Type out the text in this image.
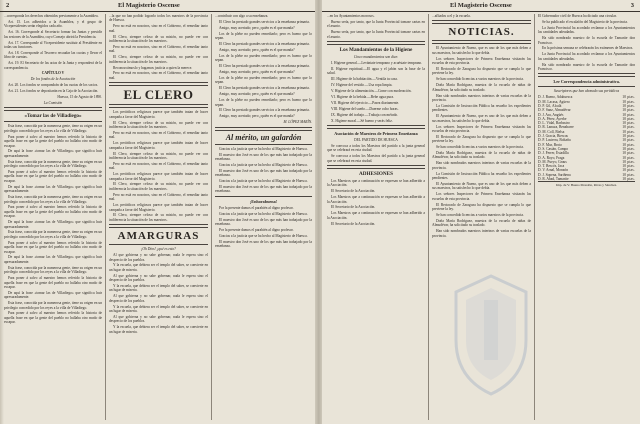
2	El Magisterio Oscense

...corresponda los derechos obtenidos previamente a la Asamblea.

Art. 15. Los adheridos a la Asamblea, y el grupo de Vicepresidentes serán elegidos cada año.

Art. 16. Corresponde al Secretario formar las Juntas y presidir las sesiones de la Asamblea, cuyo Consejo abrirá la Presidencia.

Art. 17. Corresponde al Vicepresidente sustituir al Presidente en todas sus funciones.

Art. 18. Corresponde al Tesorero recaudar las cuotas y llevar el libro de cuentas.

Art. 19. El Secretario de las actas de la Junta y responderá de la correspondencia.

CAPÍTULO V

De los fondos de la Asociación

Art. 20. Los fondos se compondrán de las cuotas de los socios.

Art. 21. Los fondos se depositarán en la Caja de la Asociación.

Huesca, 15 de Agosto de 1890.

La Comisión

«Tomar las de Villadiego»

Esta frase, conocida por la numerosa gente, tiene su origen en un privilegio concedido por los reyes a la villa de Villadiego.

Para poner á salvo al maestro hemos referido la historia de aquella frase en que la gente del pueblo no hallaba otro modo de escapar.

De aquí la frase «tomar las de Villadiego» que significa huir apresuradamente.

Esta frase, conocida por la numerosa gente, tiene su origen en un privilegio concedido por los reyes a la villa de Villadiego.

Para poner á salvo al maestro hemos referido la historia de aquella frase en que la gente del pueblo no hallaba otro modo de escapar.

De aquí la frase «tomar las de Villadiego» que significa huir apresuradamente.

Esta frase, conocida por la numerosa gente, tiene su origen en un privilegio concedido por los reyes a la villa de Villadiego.

Para poner á salvo al maestro hemos referido la historia de aquella frase en que la gente del pueblo no hallaba otro modo de escapar.

De aquí la frase «tomar las de Villadiego» que significa huir apresuradamente.

Esta frase, conocida por la numerosa gente, tiene su origen en un privilegio concedido por los reyes a la villa de Villadiego.

Para poner á salvo al maestro hemos referido la historia de aquella frase en que la gente del pueblo no hallaba otro modo de escapar.

De aquí la frase «tomar las de Villadiego» que significa huir apresuradamente.

Esta frase, conocida por la numerosa gente, tiene su origen en un privilegio concedido por los reyes a la villa de Villadiego.

Para poner á salvo al maestro hemos referido la historia de aquella frase en que la gente del pueblo no hallaba otro modo de escapar.

De aquí la frase «tomar las de Villadiego» que significa huir apresuradamente.

Esta frase, conocida por la numerosa gente, tiene su origen en un privilegio concedido por los reyes a la villa de Villadiego.

Para poner á salvo al maestro hemos referido la historia de aquella frase en que la gente del pueblo no hallaba otro modo de escapar.

...la que no han podido lograrlo todos los maestros de la provincia de Huesca.

Pero no está en nosotros, sino en el Gobierno, el remediar tanto mal.

El Clero, siempre celoso de su misión, no puede ver con indiferencia la situación de los maestros.

Pero no está en nosotros, sino en el Gobierno, el remediar tanto mal.

El Clero, siempre celoso de su misión, no puede ver con indiferencia la situación de los maestros.

Reconozcámoslo y hagamos justicia a quien la merece.

Pero no está en nosotros, sino en el Gobierno, el remediar tanto mal.

EL CLERO

Los periódicos religiosos parece que también tratan de hacer campaña a favor del Magisterio.

El Clero, siempre celoso de su misión, no puede ver con indiferencia la situación de los maestros.

Pero no está en nosotros, sino en el Gobierno, el remediar tanto mal.

Los periódicos religiosos parece que también tratan de hacer campaña a favor del Magisterio.

El Clero, siempre celoso de su misión, no puede ver con indiferencia la situación de los maestros.

Pero no está en nosotros, sino en el Gobierno, el remediar tanto mal.

Los periódicos religiosos parece que también tratan de hacer campaña a favor del Magisterio.

El Clero, siempre celoso de su misión, no puede ver con indiferencia la situación de los maestros.

Pero no está en nosotros, sino en el Gobierno, el remediar tanto mal.

Los periódicos religiosos parece que también tratan de hacer campaña a favor del Magisterio.

El Clero, siempre celoso de su misión, no puede ver con indiferencia la situación de los maestros.

AMARGURAS

¡Oh Dios! ¿qué es esto?

Al que gobierna y no sabe gobernar, nada le espera sino el desprecio de los pueblos.

Y la escuela, que debiera ser el templo del saber, se convierte en un lugar de miseria.

Al que gobierna y no sabe gobernar, nada le espera sino el desprecio de los pueblos.

Y la escuela, que debiera ser el templo del saber, se convierte en un lugar de miseria.

Al que gobierna y no sabe gobernar, nada le espera sino el desprecio de los pueblos.

Y la escuela, que debiera ser el templo del saber, se convierte en un lugar de miseria.

Al que gobierna y no sabe gobernar, nada le espera sino el desprecio de los pueblos.

Y la escuela, que debiera ser el templo del saber, se convierte en un lugar de miseria.

...contribuir con algo a su enseñanza.

El Clero ha prestado grandes servicios a la enseñanza primaria.

Amigo, muy acertado; pero ¿quién es el que manda?

Los de la plebe no pueden remediarlo; pero es bueno que lo sepan.

El Clero ha prestado grandes servicios a la enseñanza primaria.

Amigo, muy acertado; pero ¿quién es el que manda?

Los de la plebe no pueden remediarlo; pero es bueno que lo sepan.

El Clero ha prestado grandes servicios a la enseñanza primaria.

Amigo, muy acertado; pero ¿quién es el que manda?

Los de la plebe no pueden remediarlo; pero es bueno que lo sepan.

El Clero ha prestado grandes servicios a la enseñanza primaria.

Amigo, muy acertado; pero ¿quién es el que manda?

Los de la plebe no pueden remediarlo; pero es bueno que lo sepan.

El Clero ha prestado grandes servicios a la enseñanza primaria.

Amigo, muy acertado; pero ¿quién es el que manda?

M. LÓPEZ MARÍN.

Al mérito, un galardón

Gracias a la justicia que se ha hecho al Magisterio de Huesca.

El maestro don José es uno de los que más han trabajado por la enseñanza.

Gracias a la justicia que se ha hecho al Magisterio de Huesca.

El maestro don José es uno de los que más han trabajado por la enseñanza.

Gracias a la justicia que se ha hecho al Magisterio de Huesca.

El maestro don José es uno de los que más han trabajado por la enseñanza.

¡Enhorabuena!

Por la presente damos el parabién al digno profesor.

Gracias a la justicia que se ha hecho al Magisterio de Huesca.

El maestro don José es uno de los que más han trabajado por la enseñanza.

Por la presente damos el parabién al digno profesor.

Gracias a la justicia que se ha hecho al Magisterio de Huesca.

El maestro don José es uno de los que más han trabajado por la enseñanza.

El Magisterio Oscense	3

...en los Ayuntamientos morosos.

Bueno sería, por tanto, que la Junta Provincial tomase cartas en el asunto.

Bueno sería, por tanto, que la Junta Provincial tomase cartas en el asunto.

Los Mandamientos de la Higiene

Cinco mandamientos son diez:

I. Higiene general.—Levántate temprano y acuéstate temprano.

II. Higiene espiritual.—El agua y el jabón son la base de la salud.

III. Higiene de la habitación.—Ventila tu casa.

IV. Higiene del vestido.—Usa ropa limpia.

V. Higiene de la alimentación.—Come con moderación.

VI. Higiene de la bebida.—Bebe agua pura.

VII. Higiene del ejercicio.—Pasea diariamente.

VIII. Higiene del sueño.—Duerme ocho horas.

IX. Higiene del trabajo.—Trabaja con método.

X. Higiene moral.—Sé bueno y serás feliz.

Asociación de Maestros de Primera Enseñanza

DEL PARTIDO DE HUESCA

Se convoca a todos los Maestros del partido a la junta general que se celebrará en esta ciudad.

Se convoca a todos los Maestros del partido a la junta general que se celebrará en esta ciudad.

ADHESIONES

Los Maestros que a continuación se expresan se han adherido a la Asociación.

El Secretario de la Asociación.

Los Maestros que a continuación se expresan se han adherido a la Asociación.

El Secretario de la Asociación.

Los Maestros que a continuación se expresan se han adherido a la Asociación.

El Secretario de la Asociación.

...afliados a el y la escuela.

NOTICIAS.

El Ayuntamiento de Nueno, que es uno de los que más deben a sus maestros, ha satisfecho lo que debía.

Los señores Inspectores de Primera Enseñanza visitarán las escuelas de esta provincia.

El Rectorado de Zaragoza ha dispuesto que se cumpla lo que previene la ley.

Se han concedido licencias a varios maestros de la provincia.

Doña María Rodríguez, maestra de la escuela de niñas de Almudévar, ha solicitado su traslado.

Han sido nombrados maestros interinos de varias escuelas de la provincia.

La Comisión de Instrucción Pública ha resuelto los expedientes pendientes.

El Ayuntamiento de Nueno, que es uno de los que más deben a sus maestros, ha satisfecho lo que debía.

Los señores Inspectores de Primera Enseñanza visitarán las escuelas de esta provincia.

El Rectorado de Zaragoza ha dispuesto que se cumpla lo que previene la ley.

Se han concedido licencias a varios maestros de la provincia.

Doña María Rodríguez, maestra de la escuela de niñas de Almudévar, ha solicitado su traslado.

Han sido nombrados maestros interinos de varias escuelas de la provincia.

La Comisión de Instrucción Pública ha resuelto los expedientes pendientes.

El Ayuntamiento de Nueno, que es uno de los que más deben a sus maestros, ha satisfecho lo que debía.

Los señores Inspectores de Primera Enseñanza visitarán las escuelas de esta provincia.

El Rectorado de Zaragoza ha dispuesto que se cumpla lo que previene la ley.

Se han concedido licencias a varios maestros de la provincia.

Doña María Rodríguez, maestra de la escuela de niñas de Almudévar, ha solicitado su traslado.

Han sido nombrados maestros interinos de varias escuelas de la provincia.

El Gobernador civil de Huesca ha dictado una circular.

Se ha publicado el escalafón del Magisterio de la provincia.

La Junta Provincial ha acordado reclamar a los Ayuntamientos las cantidades adeudadas.

Ha sido nombrado maestro de la escuela de Tamarite don Francisco.

En la próxima semana se celebrarán los exámenes de Maestros.

La Junta Provincial ha acordado reclamar a los Ayuntamientos las cantidades adeudadas.

Ha sido nombrado maestro de la escuela de Tamarite don Francisco.

3.er Correspondencia administrativa.

Suscriptores que han abonado sus periódicos

D. J. Bueno, Adahuesca	10 ptas.
D. M. Lacasa, Agüero	10 ptas.
D. P. Gil, Alcalá	10 ptas.
D. F. Sanz, Almudévar	10 ptas.
D. J. Ara, Angüés	10 ptas.
D. A. Pérez, Ayerbe	10 ptas.
D. L. Vidal, Barbastro	10 ptas.
D. R. Lanuza, Benabarre	10 ptas.
D. M. Coll, Bielsa	10 ptas.
D. J. Gracia, Biescas	10 ptas.
D. P. Lasierra, Boltaña	10 ptas.
D. F. Mur, Broto	10 ptas.
D. S. Castán, Campo	10 ptas.
D. J. Ferrer, Estadilla	10 ptas.
D. A. Royo, Fraga	10 ptas.
D. M. Pueyo, Graus	10 ptas.
D. T. Bescós, Jaca	10 ptas.
D. V. Arnal, Monzón	10 ptas.
D. J. Sopena, Sariñena	10 ptas.
D. R. Abad, Tamarite	10 ptas.
Imp. de V. Bueno Mondón, Rivas y Sánchez.
